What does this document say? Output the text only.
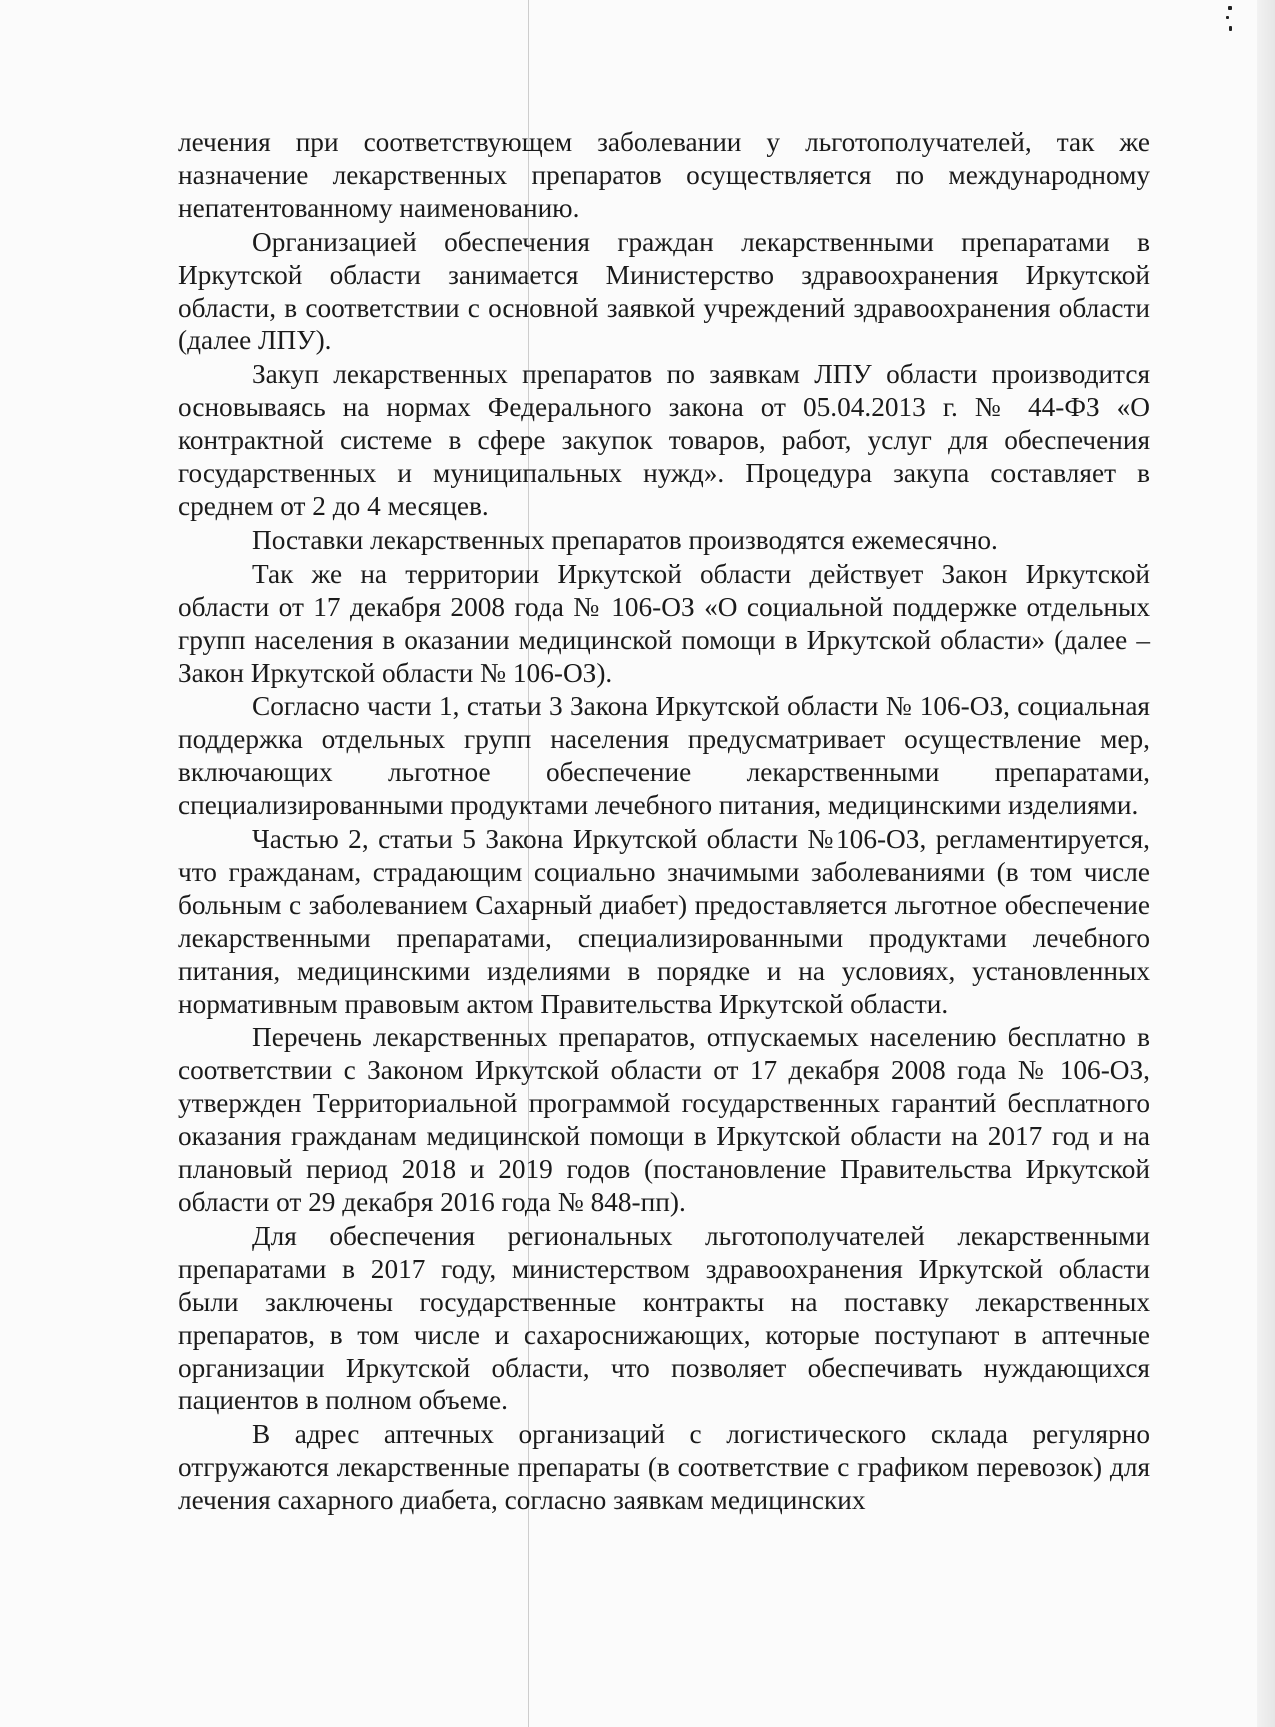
лечения при соответствующем заболевании у льготополучателей, так же назначение лекарственных препаратов осуществляется по международному непатентованному наименованию.

Организацией обеспечения граждан лекарственными препаратами в Иркутской области занимается Министерство здравоохранения Иркутской области, в соответствии с основной заявкой учреждений здравоохранения области (далее ЛПУ).

Закуп лекарственных препаратов по заявкам ЛПУ области производится основываясь на нормах Федерального закона от 05.04.2013 г. № 44-ФЗ «О контрактной системе в сфере закупок товаров, работ, услуг для обеспечения государственных и муниципальных нужд». Процедура закупа составляет в среднем от 2 до 4 месяцев.

Поставки лекарственных препаратов производятся ежемесячно.

Так же на территории Иркутской области действует Закон Иркутской области от 17 декабря 2008 года № 106-ОЗ «О социальной поддержке отдельных групп населения в оказании медицинской помощи в Иркутской области» (далее – Закон Иркутской области № 106-ОЗ).

Согласно части 1, статьи 3 Закона Иркутской области № 106-ОЗ, социальная поддержка отдельных групп населения предусматривает осуществление мер, включающих льготное обеспечение лекарственными препаратами, специализированными продуктами лечебного питания, медицинскими изделиями.

Частью 2, статьи 5 Закона Иркутской области №106-ОЗ, регламентируется, что гражданам, страдающим социально значимыми заболеваниями (в том числе больным с заболеванием Сахарный диабет) предоставляется льготное обеспечение лекарственными препаратами, специализированными продуктами лечебного питания, медицинскими изделиями в порядке и на условиях, установленных нормативным правовым актом Правительства Иркутской области.

Перечень лекарственных препаратов, отпускаемых населению бесплатно в соответствии с Законом Иркутской области от 17 декабря 2008 года № 106-ОЗ, утвержден Территориальной программой государственных гарантий бесплатного оказания гражданам медицинской помощи в Иркутской области на 2017 год и на плановый период 2018 и 2019 годов (постановление Правительства Иркутской области от 29 декабря 2016 года № 848-пп).

Для обеспечения региональных льготополучателей лекарственными препаратами в 2017 году, министерством здравоохранения Иркутской области были заключены государственные контракты на поставку лекарственных препаратов, в том числе и сахароснижающих, которые поступают в аптечные организации Иркутской области, что позволяет обеспечивать нуждающихся пациентов в полном объеме.

В адрес аптечных организаций с логистического склада регулярно отгружаются лекарственные препараты (в соответствие с графиком перевозок) для лечения сахарного диабета, согласно заявкам медицинских
